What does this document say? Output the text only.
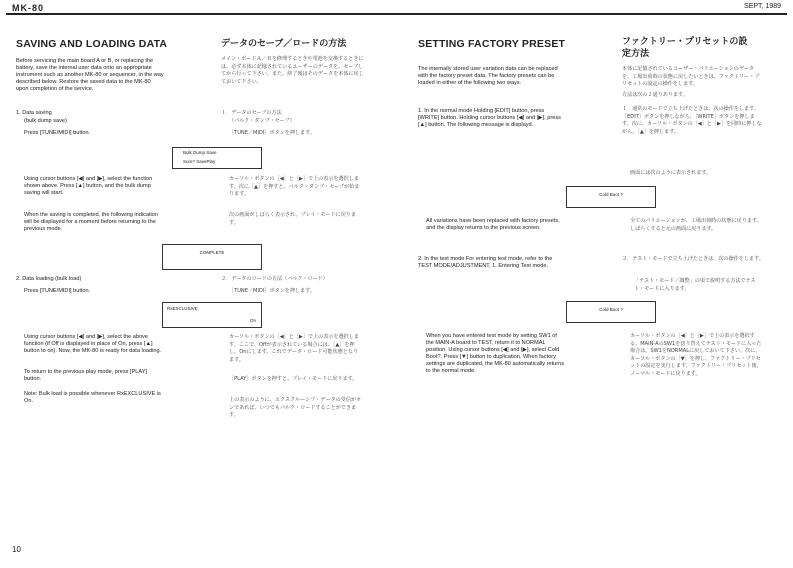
MK-80	SEPT, 1989
SAVING AND LOADING DATA

Before servicing the main board A or B, or replacing the battery, save the internal user data onto an appropriate instrument such as another MK-80 or sequencer, in the way described below. Restore the saved data to the MK-80 upon completion of the service.

1. Data saving
(bulk dump save)
Press [TUNE/MIDI] button.
Bulk Dump Save
Sure? SavePlay

Using cursor buttons [◀] and [▶], select the function shown above. Press [▲] button, and the bulk dump saving will start.

When the saving is completed, the following indication will be displayed for a moment before returning to the previous mode.

COMPLETE
2. Data loading (bulk load)
Press [TUNE/MIDI] button.
RxEXCLUSIVE
On

Using cursor buttons [◀] and [▶], select the above function (if Off is displayed in place of On, press [▲] button to on). Now, the MK-80 is ready for data loading.

To return to the previous play mode, press [PLAY] button.

Note: Bulk load is possible whenever RxEXCLUSIVE is On.

データのセーブ／ロードの方法

メイン・ボードＡ／Ｂを修理するときや電池を交換するときには、必ず本体に記憶されているユーザーのデータを、セーブしてから行って下さい。また、終了後はそのデータを本体に戻しておいて下さい。

１．データのセーブの方法
（バルク・ダンプ・セーブ）
［TUNE／MIDI］ボタンを押します。

カーソル・ボタンの［◀］と［▶］で上の表示を選択します。次に［▲］を押すと、バルク・ダンプ・セーブが始まります。

次の画面がしばらく表示され、プレイ・モードに戻ります。

２．データのロードの方法（バルク・ロード）
［TUNE／MIDI］ボタンを押します。

カーソル・ボタンの［◀］と［▶］で上の表示を選択します。ここで、Offが表示されている場合には、［▲］を押し、Onにします。これでデータ・ロード可能状態となります。

［PLAY］ボタンを押すと、プレイ・モードに戻ります。

上の表示のように、エクスクルーシブ・データの受信がオンであれば、いつでもバルク・ロードすることができます。

SETTING FACTORY PRESET

The internally stored user variation data can be replaced with the factory preset data. The factory presets can be loaded in either of the following two ways.

1. In the normal mode Holding [EDIT] button, press [WRITE] button. Holding cursor buttons [◀] and [▶], press [▲] button. The following message is displayd.

Cold Boot ?

All variations have been replaced with factory presets, and the display returns to the previous screen.

2. In the test mode For entering test mode, refer to the TEST MODE/ADJUSTMENT, 1. Entering Test mode.

Cold Boot ?

When you have entered test mode by setting SW1 of the MAIN-A board to TEST, return it to NORMAL position. Using cursor buttons [◀] and [▶], select Cold Boot?. Press [▼] button to duplication. When factory settings are duplicated, the MK-80 automatically returns to the normal mode.

ファクトリー・プリセットの設定方法

本体に記憶されているユーザー・バリエーションのデータを、工場出荷時の状態に戻したいときは、ファクトリー・プリセットの設定の操作をします。

方法は次の２通りあります。

１．通常のモードで立ち上げたときは、次の操作をします。［EDIT］ボタンを押しながら、［WRITE］ボタンを押します。次に、カーソル・ボタンの［◀］と［▶］を同時に押しながら、［▲］を押します。

画面には次のように表示されます。

全てのバリエーションが、工場出荷時の状態に戻ります。しばらくすると元の画面に戻ります。

２．テスト・モードで立ち上げたときは、次の操作をします。

「テスト・モード／調整」の項で説明する方法でテスト・モードに入ります。

カーソル・ボタンの［◀］と［▶］で上の表示を選択する。MAIN-AのSW1を切り替えてテスト・モードに入った場合は、SW1をNORMALに戻しておいて下さい。次に、カーソル・ボタンの［▼］を押し、ファクトリー・プリセットの設定を実行します。ファクトリー・プリセット後、ノーマル・モードに戻ります。

10
